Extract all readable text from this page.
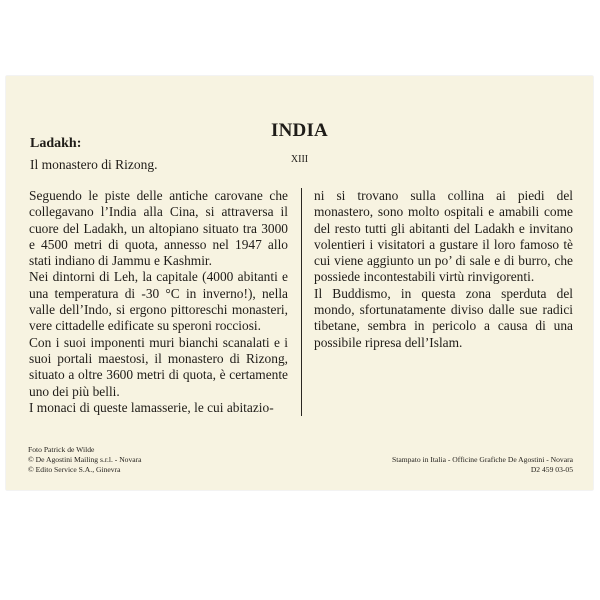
INDIA
XIII
Ladakh:
Il monastero di Rizong.

Seguendo le piste delle antiche carovane che collegavano l’India alla Cina, si attraversa il cuore del Ladakh, un altopiano situato tra 3000 e 4500 metri di quota, annesso nel 1947 allo stati indiano di Jammu e Kashmir.

Nei dintorni di Leh, la capitale (4000 abitanti e una temperatura di -30 °C in inverno!), nella valle dell’Indo, si ergono pittoreschi monasteri, vere cittadelle edificate su speroni rocciosi.

Con i suoi imponenti muri bianchi scanalati e i suoi portali maestosi, il monastero di Rizong, situato a oltre 3600 metri di quota, è certamente uno dei più belli.

I monaci di queste lamasserie, le cui abitazio-

ni si trovano sulla collina ai piedi del monastero, sono molto ospitali e amabili come del resto tutti gli abitanti del Ladakh e invitano volentieri i visitatori a gustare il loro famoso tè cui viene aggiunto un po’ di sale e di burro, che possiede incontestabili virtù rinvigorenti.

Il Buddismo, in questa zona sperduta del mondo, sfortunatamente diviso dalle sue radici tibetane, sembra in pericolo a causa di una possibile ripresa dell’Islam.

Foto Patrick de Wilde
© De Agostini Mailing s.r.l. - Novara
© Edito Service S.A., Ginevra
Stampato in Italia - Officine Grafiche De Agostini - Novara
D2 459 03-05
